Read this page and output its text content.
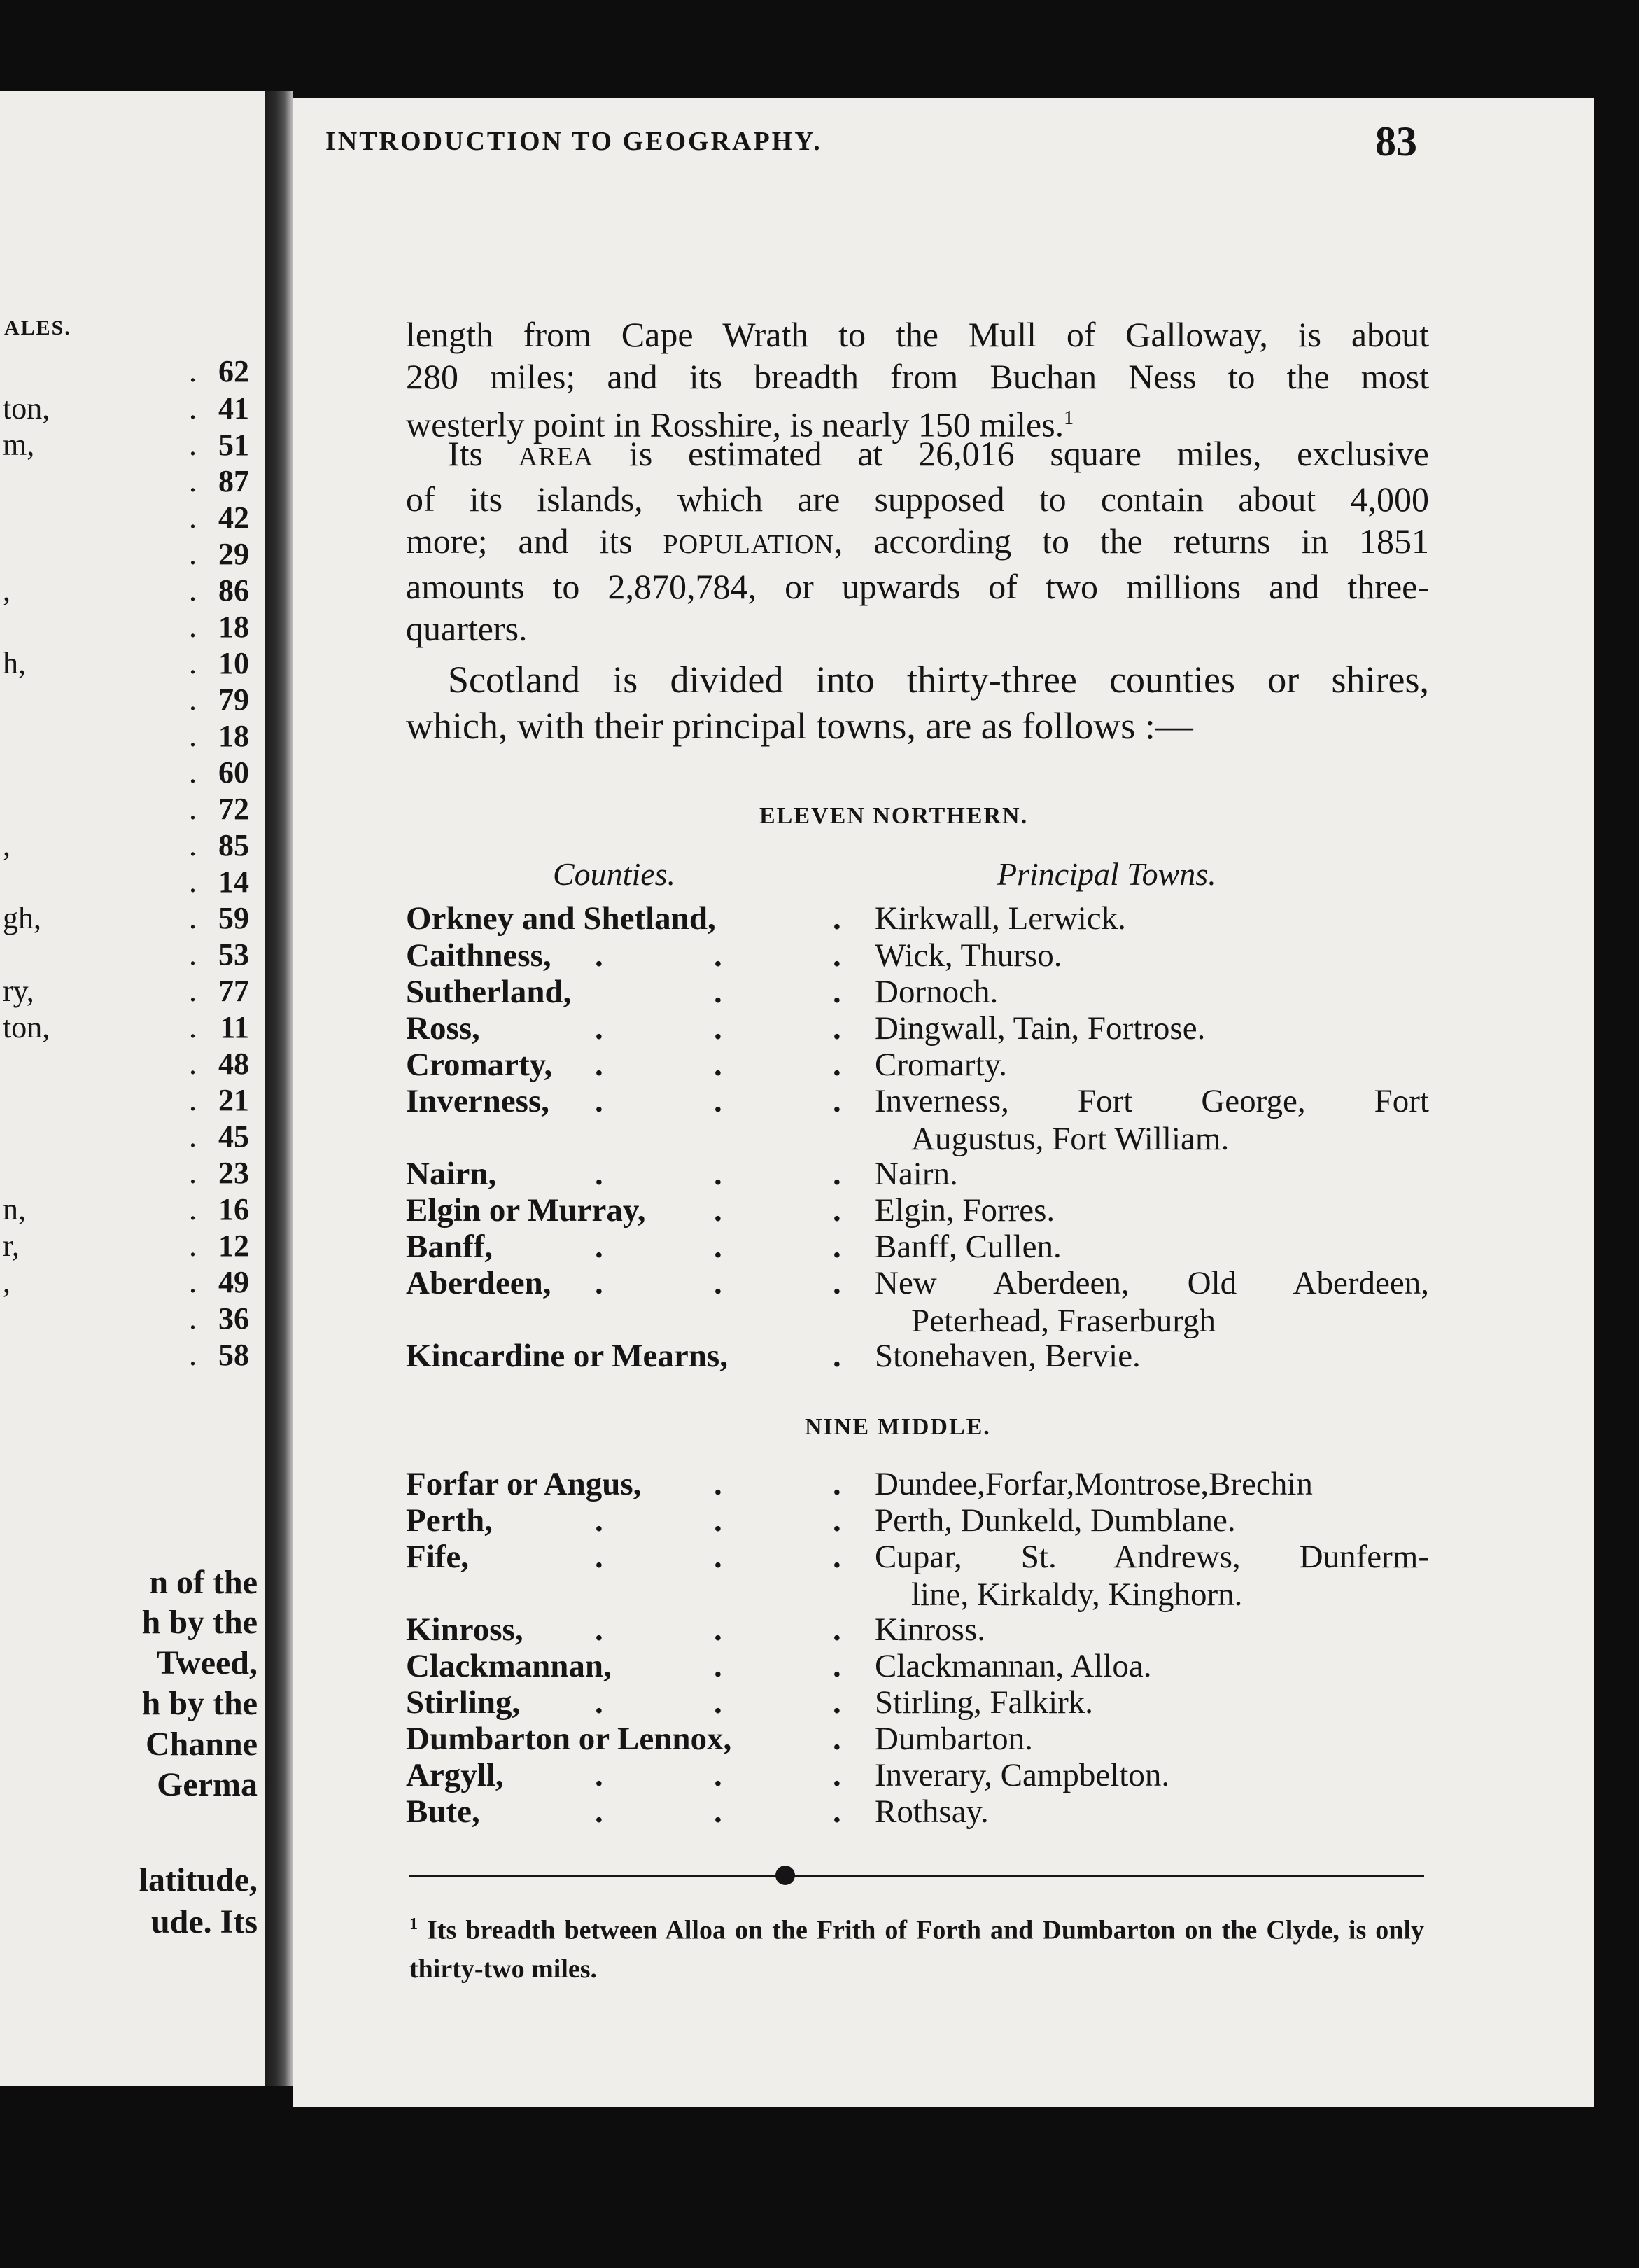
ALES.
. 62
ton,	. 41
m,	. 51
. 87
. 42
. 29
,	. 86
. 18
h,	. 10
. 79
. 18
. 60
. 72
,	. 85
. 14
gh,	. 59
. 53
ry,	. 77
ton,	. 11
. 48
. 21
. 45
. 23
n,	. 16
r,	. 12
,	. 49
. 36
. 58
n of the
h by the
Tweed,
h by the
Channe
Germa
latitude,
ude. Its
INTRODUCTION TO GEOGRAPHY.	83

length from Cape Wrath to the Mull of Galloway, is about

280 miles; and its breadth from Buchan Ness to the most

westerly point in Rosshire, is nearly 150 miles.$^1$

Its AREA is estimated at 26,016 square miles, exclusive

of its islands, which are supposed to contain about 4,000

more; and its POPULATION, according to the returns in 1851

amounts to 2,870,784, or upwards of two millions and three-

quarters.

Scotland is divided into thirty-three counties or shires,

which, with their principal towns, are as follows :—

ELEVEN NORTHERN.
Counties.	Principal Towns.
Orkney and Shetland,	. Kirkwall, Lerwick.

Caithness, .	.	. Wick, Thurso.

Sutherland,	.	. Dornoch.

Ross,	.	.	. Dingwall, Tain, Fortrose.

Cromarty, .	.	. Cromarty.

Inverness, .	.	. Inverness, Fort George, Fort

Augustus, Fort William.

Nairn,	.	.	. Nairn.

Elgin or Murray, .	. Elgin, Forres.

Banff,	.	.	. Banff, Cullen.

Aberdeen, .	.	. New Aberdeen, Old Aberdeen,

Peterhead, Fraserburgh

Kincardine or Mearns,	. Stonehaven, Bervie.

NINE MIDDLE.
Forfar or Angus, .	. Dundee,Forfar,Montrose,Brechin

Perth,	.	.	. Perth, Dunkeld, Dumblane.

Fife,	.	.	. Cupar, St. Andrews, Dunferm-

line, Kirkaldy, Kinghorn.

Kinross, .	.	. Kinross.

Clackmannan,	.	. Clackmannan, Alloa.

Stirling, .	.	. Stirling, Falkirk.

Dumbarton or Lennox,	. Dumbarton.

Argyll,	.	.	. Inverary, Campbelton.

Bute,	.	.	. Rothsay.

$^1$ Its breadth between Alloa on the Frith of Forth and Dumbarton on the Clyde, is only thirty-two miles.
